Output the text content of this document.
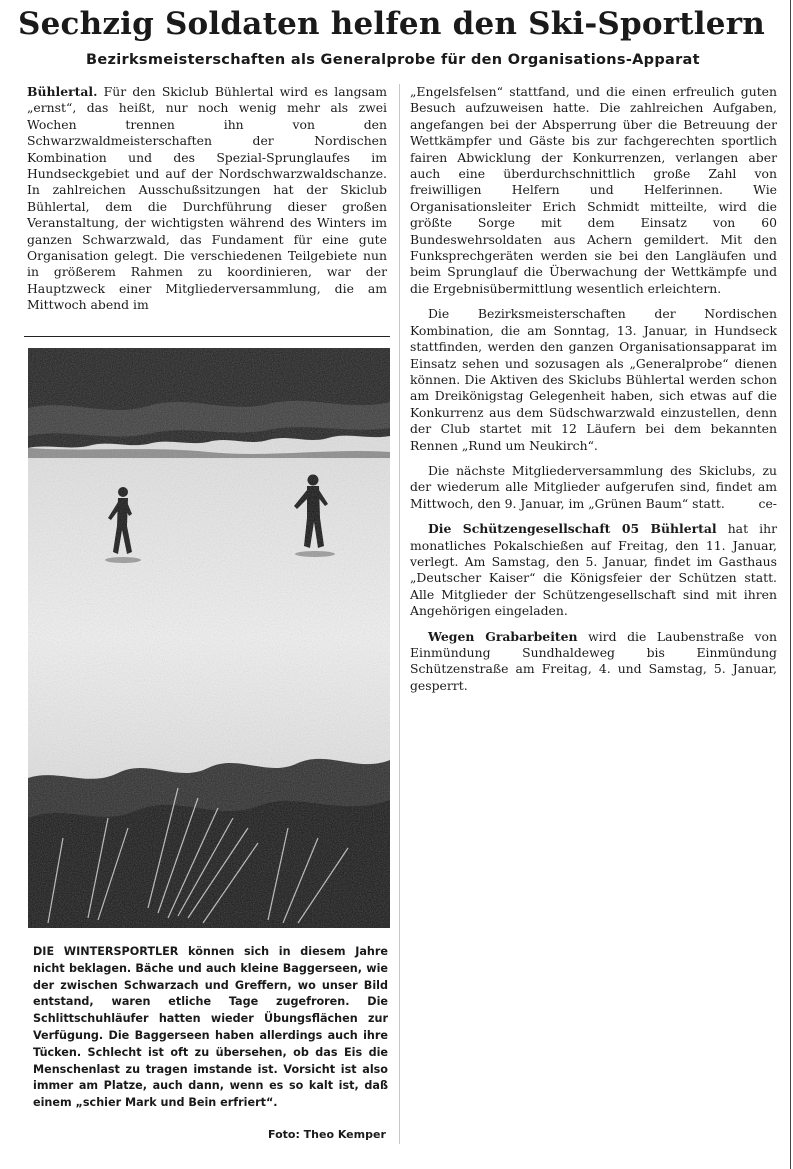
Sechzig Soldaten helfen den Ski-Sportlern
Bezirksmeisterschaften als Generalprobe für den Organisations-Apparat

Bühlertal. Für den Skiclub Bühlertal wird es langsam „ernst“, das heißt, nur noch wenig mehr als zwei Wochen trennen ihn von den Schwarzwaldmeisterschaften der Nordischen Kombination und des Spezial-Sprunglaufes im Hundseckgebiet und auf der Nordschwarzwaldschanze. In zahlreichen Ausschußsitzungen hat der Skiclub Bühlertal, dem die Durchführung dieser großen Veranstaltung, der wichtigsten während des Winters im ganzen Schwarzwald, das Fundament für eine gute Organisation gelegt. Die verschiedenen Teilgebiete nun in größerem Rahmen zu koordinieren, war der Hauptzweck einer Mitgliederversammlung, die am Mittwoch abend im

DIE WINTERSPORTLER können sich in diesem Jahre nicht beklagen. Bäche und auch kleine Baggerseen, wie der zwischen Schwarzach und Greffern, wo unser Bild entstand, waren etliche Tage zugefroren. Die Schlittschuhläufer hatten wieder Übungsflächen zur Verfügung. Die Baggerseen haben allerdings auch ihre Tücken. Schlecht ist oft zu übersehen, ob das Eis die Menschenlast zu tragen imstande ist. Vorsicht ist also immer am Platze, auch dann, wenn es so kalt ist, daß einem „schier Mark und Bein erfriert“.
Foto: Theo Kemper

„Engelsfelsen“ stattfand, und die einen erfreulich guten Besuch aufzuweisen hatte. Die zahlreichen Aufgaben, angefangen bei der Absperrung über die Betreuung der Wettkämpfer und Gäste bis zur fachgerechten sportlich fairen Abwicklung der Konkurrenzen, verlangen aber auch eine überdurchschnittlich große Zahl von freiwilligen Helfern und Helferinnen. Wie Organisationsleiter Erich Schmidt mitteilte, wird die größte Sorge mit dem Einsatz von 60 Bundeswehrsoldaten aus Achern gemildert. Mit den Funksprechgeräten werden sie bei den Langläufen und beim Sprunglauf die Überwachung der Wettkämpfe und die Ergebnisübermittlung wesentlich erleichtern.

Die Bezirksmeisterschaften der Nordischen Kombination, die am Sonntag, 13. Januar, in Hundseck stattfinden, werden den ganzen Organisationsapparat im Einsatz sehen und sozusagen als „Generalprobe“ dienen können. Die Aktiven des Skiclubs Bühlertal werden schon am Dreikönigstag Gelegenheit haben, sich etwas auf die Konkurrenz aus dem Südschwarzwald einzustellen, denn der Club startet mit 12 Läufern bei dem bekannten Rennen „Rund um Neukirch“.

Die nächste Mitgliederversammlung des Skiclubs, zu der wiederum alle Mitglieder aufgerufen sind, findet am Mittwoch, den 9. Januar, im „Grünen Baum“ statt.	ce-

Die Schützengesellschaft 05 Bühlertal hat ihr monatliches Pokalschießen auf Freitag, den 11. Januar, verlegt. Am Samstag, den 5. Januar, findet im Gasthaus „Deutscher Kaiser“ die Königsfeier der Schützen statt. Alle Mitglieder der Schützengesellschaft sind mit ihren Angehörigen eingeladen.

Wegen Grabarbeiten wird die Laubenstraße von Einmündung Sundhaldeweg bis Einmündung Schützenstraße am Freitag, 4. und Samstag, 5. Januar, gesperrt.
